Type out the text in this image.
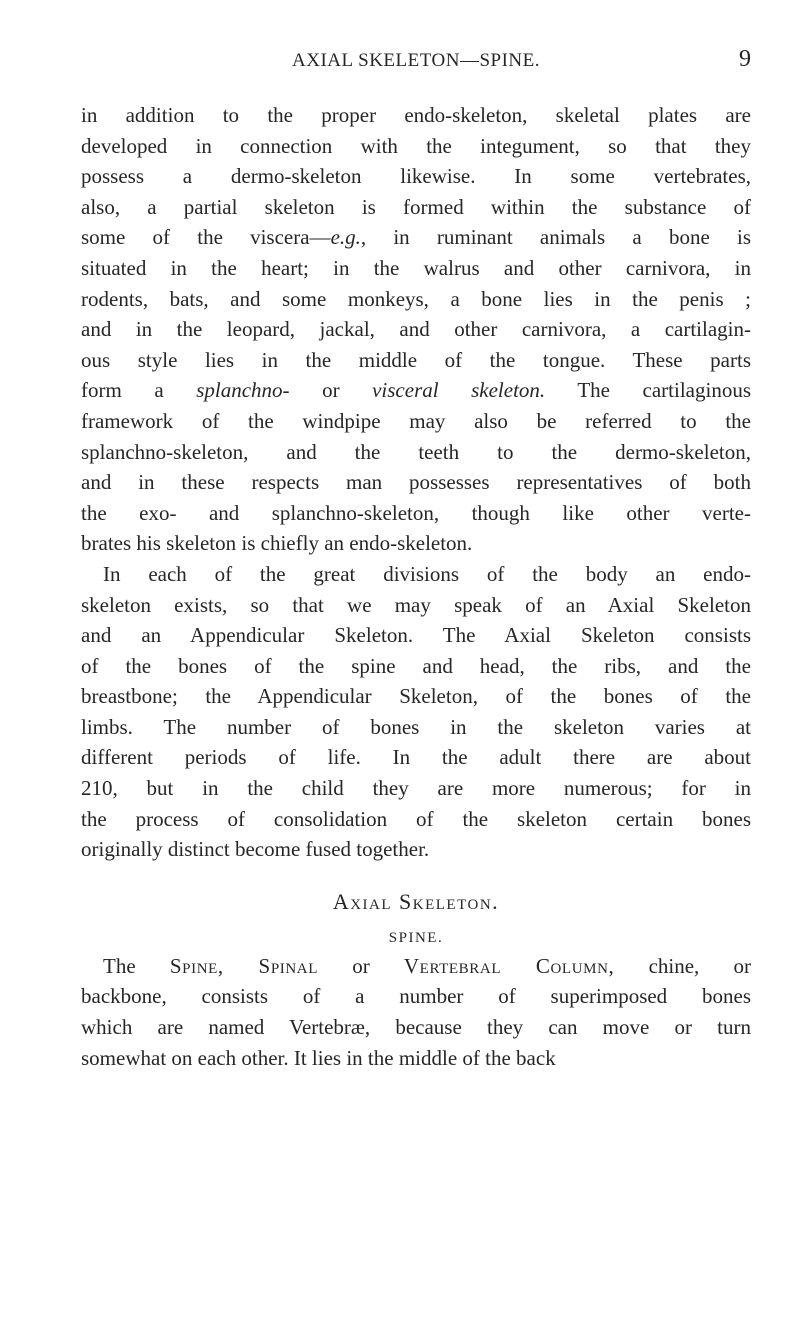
AXIAL SKELETON—SPINE.	9
in addition to the proper endo-skeleton, skeletal plates are
developed in connection with the integument, so that they
possess a dermo-skeleton likewise. In some vertebrates,
also, a partial skeleton is formed within the substance of
some of the viscera—e.g., in ruminant animals a bone is
situated in the heart; in the walrus and other carnivora, in
rodents, bats, and some monkeys, a bone lies in the penis ;
and in the leopard, jackal, and other carnivora, a cartilagin-
ous style lies in the middle of the tongue. These parts
form a splanchno- or visceral skeleton. The cartilaginous
framework of the windpipe may also be referred to the
splanchno-skeleton, and the teeth to the dermo-skeleton,
and in these respects man possesses representatives of both
the exo- and splanchno-skeleton, though like other verte-
brates his skeleton is chiefly an endo-skeleton.
In each of the great divisions of the body an endo-
skeleton exists, so that we may speak of an Axial Skeleton
and an Appendicular Skeleton. The Axial Skeleton consists
of the bones of the spine and head, the ribs, and the
breastbone; the Appendicular Skeleton, of the bones of the
limbs. The number of bones in the skeleton varies at
different periods of life. In the adult there are about
210, but in the child they are more numerous; for in
the process of consolidation of the skeleton certain bones
originally distinct become fused together.
Axial Skeleton.
SPINE.
The Spine, Spinal or Vertebral Column, chine, or
backbone, consists of a number of superimposed bones
which are named Vertebræ, because they can move or turn
somewhat on each other. It lies in the middle of the back
